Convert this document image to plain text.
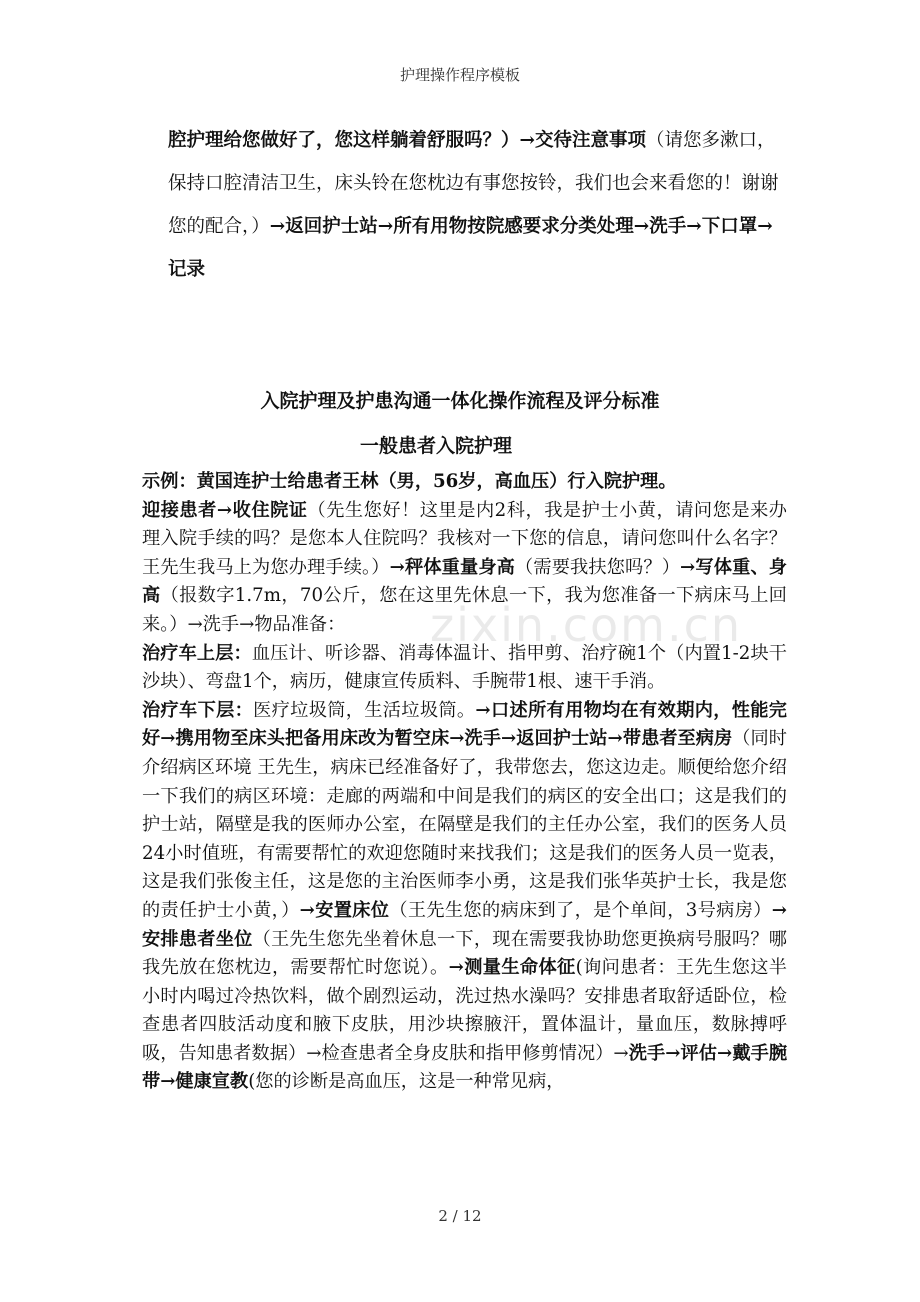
护理操作程序模板
腔护理给您做好了，您这样躺着舒服吗？）→交待注意事项（请您多漱口，保持口腔清洁卫生，床头铃在您枕边有事您按铃，我们也会来看您的！谢谢您的配合，）→返回护士站→所有用物按院感要求分类处理→洗手→下口罩→记录
入院护理及护患沟通一体化操作流程及评分标准
一般患者入院护理

示例：黄国连护士给患者王林（男，56岁，高血压）行入院护理。

迎接患者→收住院证（先生您好！这里是内2科，我是护士小黄，请问您是来办理入院手续的吗？是您本人住院吗？我核对一下您的信息，请问您叫什么名字？王先生我马上为您办理手续。）→秤体重量身高（需要我扶您吗？）→写体重、身高（报数字1.7m，70公斤，您在这里先休息一下，我为您准备一下病床马上回来。）→洗手→物品准备：

治疗车上层：血压计、听诊器、消毒体温计、指甲剪、治疗碗1个（内置1-2块干沙块）、弯盘1个，病历，健康宣传质料、手腕带1根、速干手消。

治疗车下层：医疗垃圾筒，生活垃圾筒。→口述所有用物均在有效期内，性能完好→携用物至床头把备用床改为暂空床→洗手→返回护士站→带患者至病房（同时介绍病区环境 王先生，病床已经准备好了，我带您去，您这边走。顺便给您介绍一下我们的病区环境：走廊的两端和中间是我们的病区的安全出口；这是我们的护士站，隔壁是我的医师办公室，在隔壁是我们的主任办公室，我们的医务人员24小时值班，有需要帮忙的欢迎您随时来找我们；这是我们的医务人员一览表，这是我们张俊主任，这是您的主治医师李小勇，这是我们张华英护士长，我是您的责任护士小黄，）→安置床位（王先生您的病床到了，是个单间，3号病房）→安排患者坐位（王先生您先坐着休息一下，现在需要我协助您更换病号服吗？哪我先放在您枕边，需要帮忙时您说）。→测量生命体征(询问患者：王先生您这半小时内喝过冷热饮料，做个剧烈运动，洗过热水澡吗？安排患者取舒适卧位，检查患者四肢活动度和腋下皮肤，用沙块擦腋汗，置体温计，量血压，数脉搏呼吸，告知患者数据）→检查患者全身皮肤和指甲修剪情况）→洗手→评估→戴手腕带→健康宣教(您的诊断是高血压，这是一种常见病，

zixin.com.cn
2 / 12
